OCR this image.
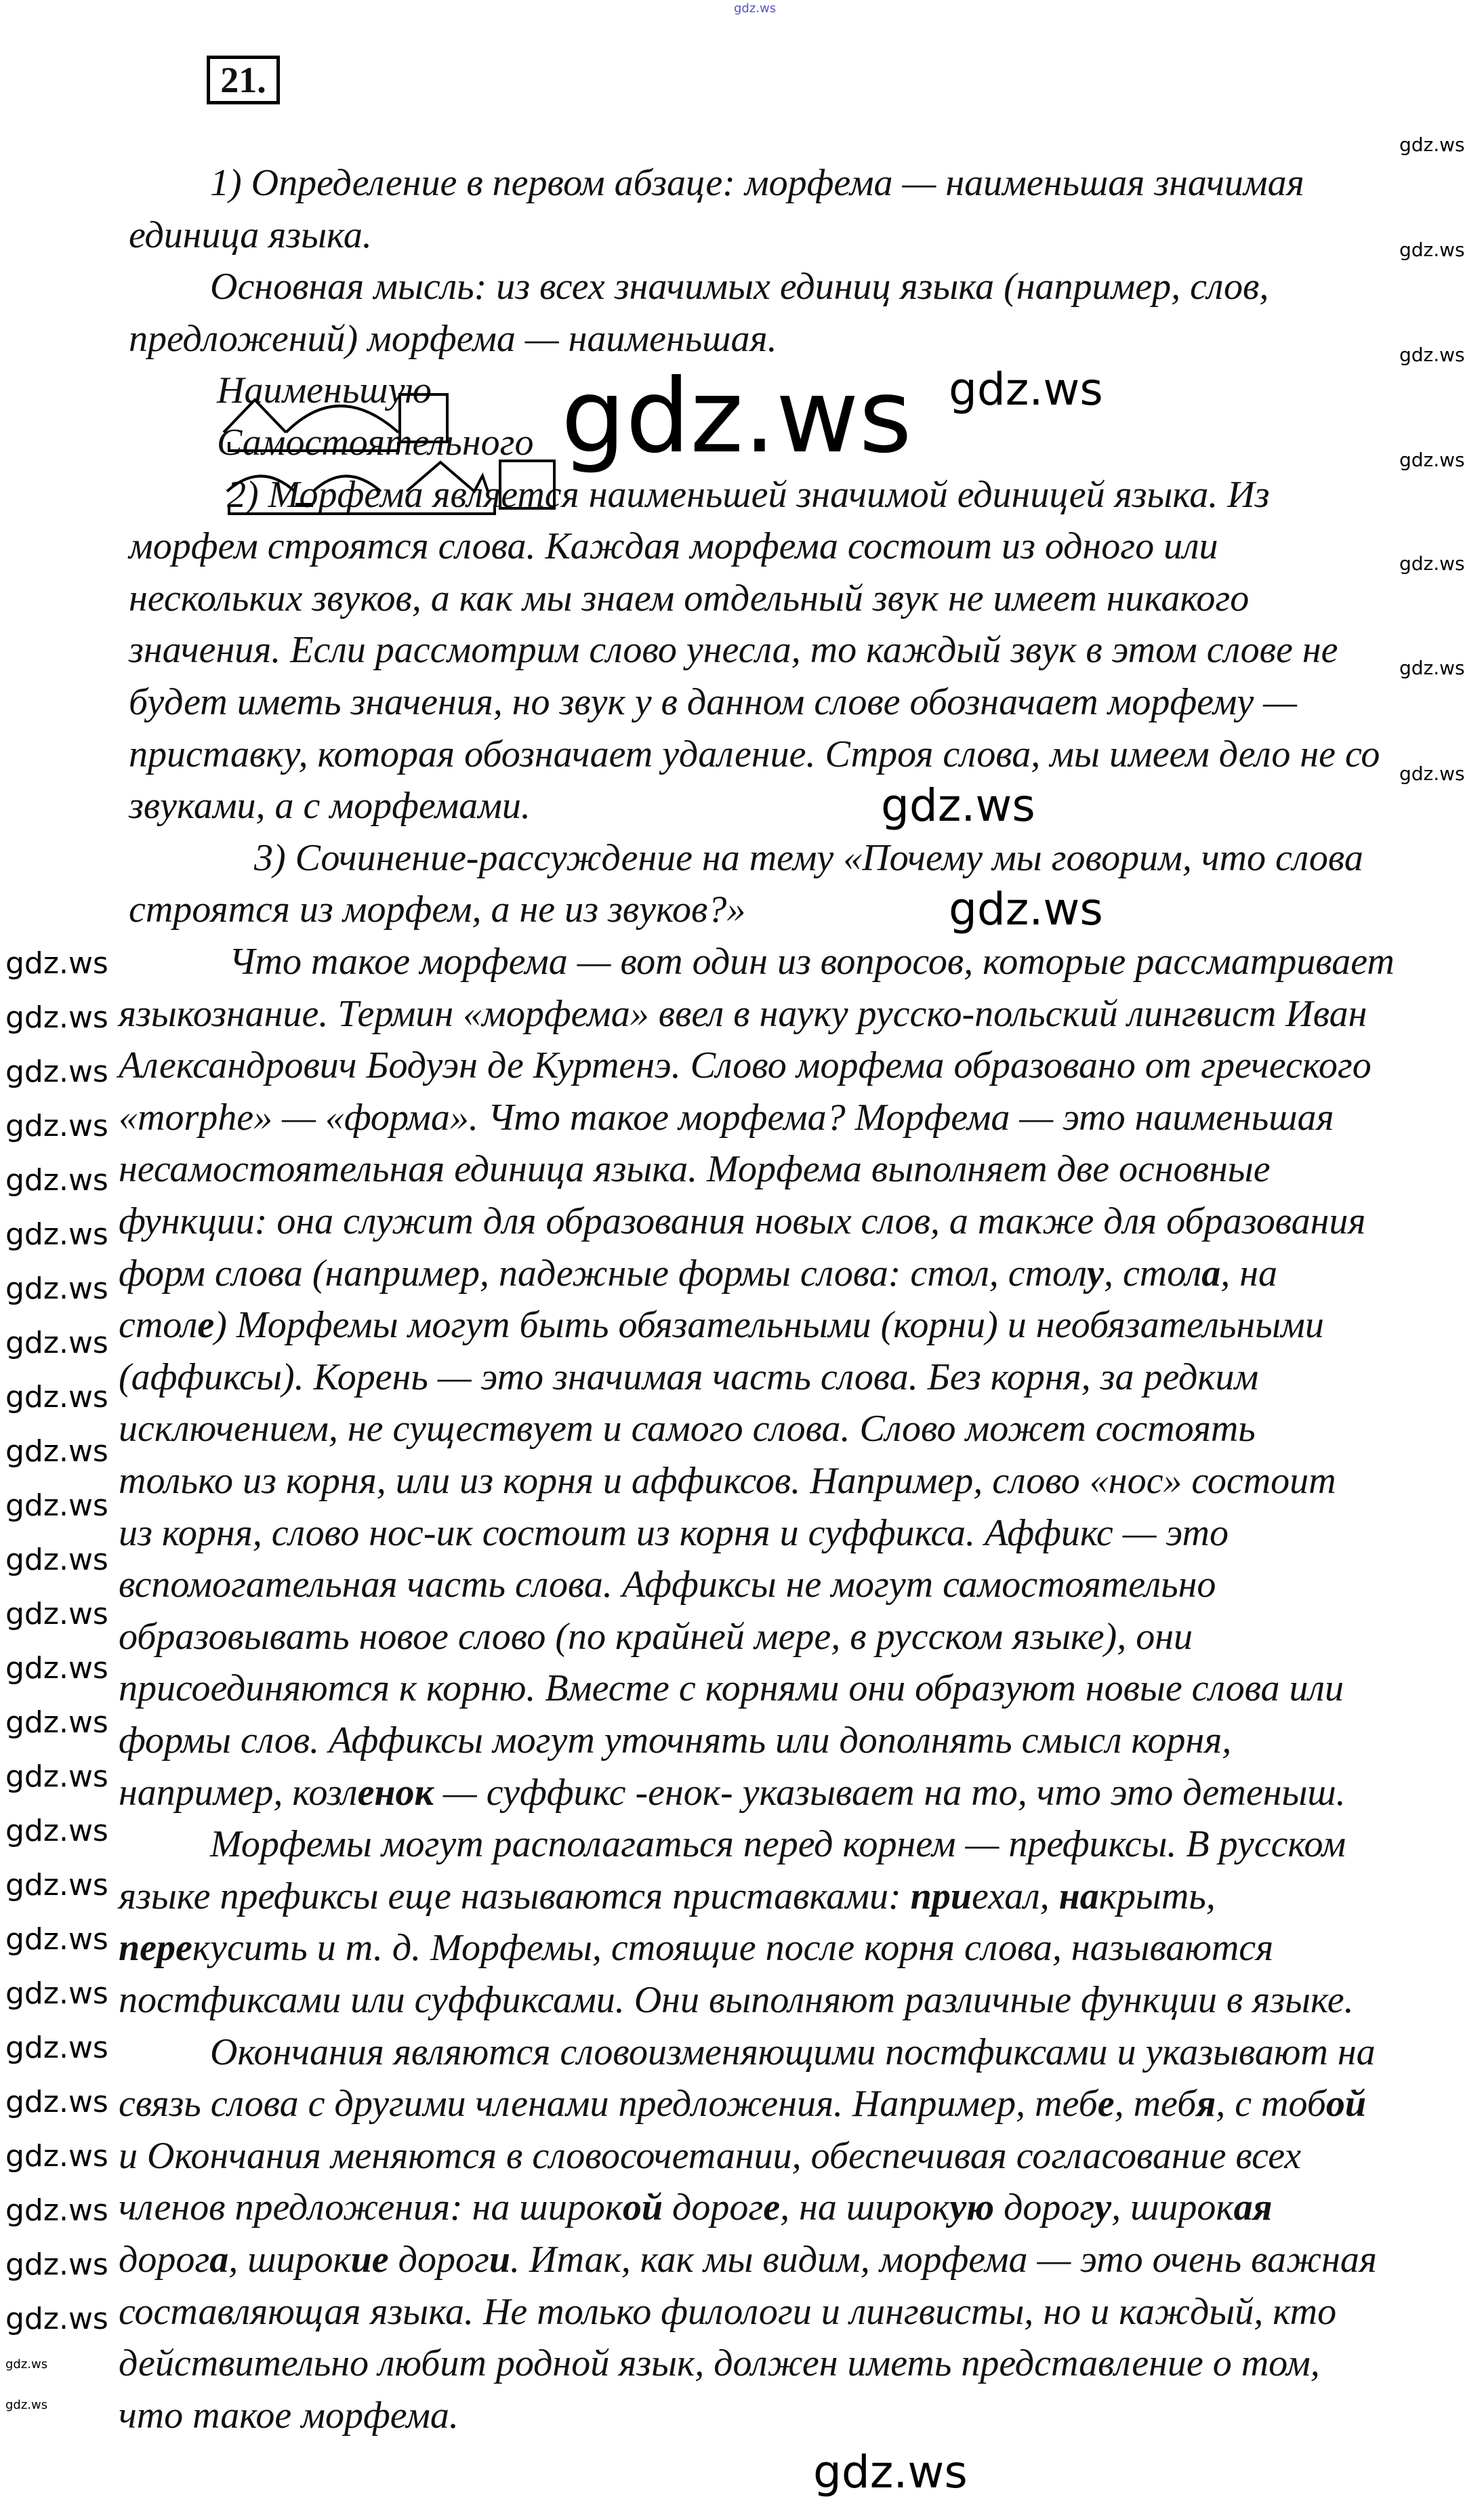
21.
1) Определение в первом абзаце: морфема — наименьшая значимая
единица языка.
Основная мысль: из всех значимых единиц языка (например, слов,
предложений) морфема — наименьшая.
Наименьшую
Самостоятельного
2) Морфема является наименьшей значимой единицей языка. Из
морфем строятся слова. Каждая морфема состоит из одного или
нескольких звуков, а как мы знаем отдельный звук не имеет никакого
значения. Если рассмотрим слово унесла, то каждый звук в этом слове не
будет иметь значения, но звук у в данном слове обозначает морфему —
приставку, которая обозначает удаление. Строя слова, мы имеем дело не со
звуками, а с морфемами.
3) Сочинение-рассуждение на тему «Почему мы говорим, что слова
строятся из морфем, а не из звуков?»
Что такое морфема — вот один из вопросов, которые рассматривает
языкознание. Термин «морфема» ввел в науку русско-польский лингвист Иван
Александрович Бодуэн де Куртенэ. Слово морфема образовано от греческого
«morphe» — «форма». Что такое морфема? Морфема — это наименьшая
несамостоятельная единица языка. Морфема выполняет две основные
функции: она служит для образования новых слов, а также для образования
форм слова (например, падежные формы слова: стол, столу, стола, на
столе) Морфемы могут быть обязательными (корни) и необязательными
(аффиксы). Корень — это значимая часть слова. Без корня, за редким
исключением, не существует и самого слова. Слово может состоять
только из корня, или из корня и аффиксов. Например, слово «нос» состоит
из корня, слово нос-ик состоит из корня и суффикса. Аффикс — это
вспомогательная часть слова. Аффиксы не могут самостоятельно
образовывать новое слово (по крайней мере, в русском языке), они
присоединяются к корню. Вместе с корнями они образуют новые слова или
формы слов. Аффиксы могут уточнять или дополнять смысл корня,
например, козленок — суффикс -енок- указывает на то, что это детеныш.
Морфемы могут располагаться перед корнем — префиксы. В русском
языке префиксы еще называются приставками: приехал, накрыть,
перекусить и т. д. Морфемы, стоящие после корня слова, называются
постфиксами или суффиксами. Они выполняют различные функции в языке.
Окончания являются словоизменяющими постфиксами и указывают на
связь слова с другими членами предложения. Например, тебе, тебя, с тобой
и Окончания меняются в словосочетании, обеспечивая согласование всех
членов предложения: на широкой дороге, на широкую дорогу, широкая
дорога, широкие дороги. Итак, как мы видим, морфема — это очень важная
составляющая языка. Не только филологи и лингвисты, но и каждый, кто
действительно любит родной язык, должен иметь представление о том,
что такое морфема.
gdz.ws
gdz.ws
gdz.ws
gdz.ws
gdz.ws
gdz.ws
gdz.ws
gdz.ws
gdz.ws gdz.ws
gdz.ws
gdz.ws
gdz.ws
gdz.ws
gdz.ws
gdz.ws
gdz.ws
gdz.ws
gdz.ws
gdz.ws
gdz.ws
gdz.ws
gdz.ws
gdz.ws
gdz.ws
gdz.ws
gdz.ws
gdz.ws
gdz.ws
gdz.ws
gdz.ws
gdz.ws
gdz.ws
gdz.ws
gdz.ws
gdz.ws
gdz.ws
gdz.ws
gdz.ws
gdz.ws
gdz.ws
